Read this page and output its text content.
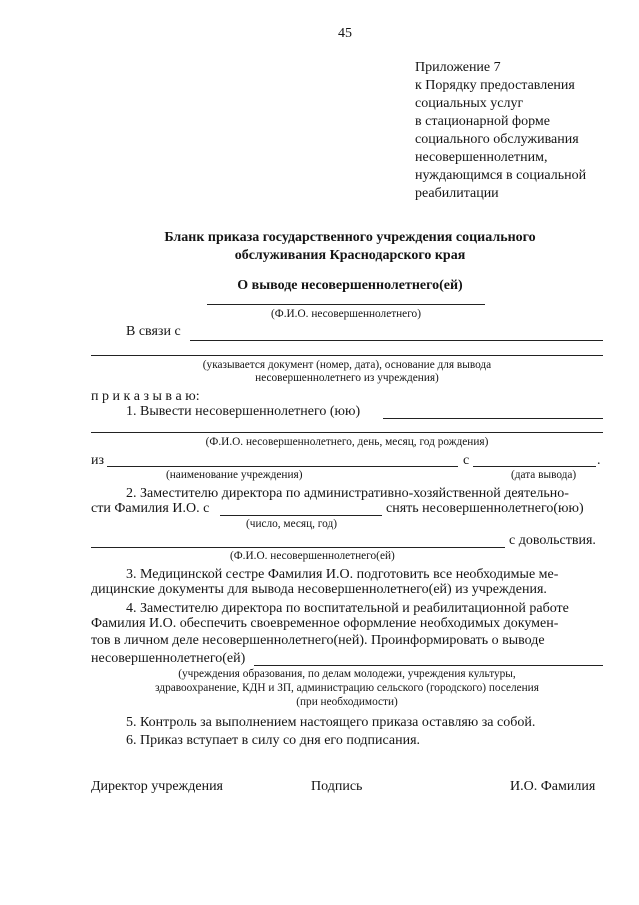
45
Приложение 7
к Порядку предоставления
социальных услуг
в стационарной форме
социального обслуживания
несовершеннолетним,
нуждающимся в социальной
реабилитации
Бланк приказа государственного учреждения социального
обслуживания Краснодарского края
О выводе несовершеннолетнего(ей)
(Ф.И.О. несовершеннолетнего)
В связи с
(указывается документ (номер, дата), основание для вывода
несовершеннолетнего из учреждения)
п р и к а з ы в а ю:
1. Вывести несовершеннолетнего (юю)
(Ф.И.О. несовершеннолетнего, день, месяц, год рождения)
из	с	.
(наименование учреждения)	(дата вывода)
2. Заместителю директора по административно-хозяйственной деятельно-
сти Фамилия И.О. с	снять несовершеннолетнего(юю)
(число, месяц, год)
с довольствия.
(Ф.И.О. несовершеннолетнего(ей)
3. Медицинской сестре Фамилия И.О. подготовить все необходимые ме-
дицинские документы для вывода несовершеннолетнего(ей) из учреждения.
4. Заместителю директора по воспитательной и реабилитационной работе
Фамилия И.О. обеспечить своевременное оформление необходимых докумен-
тов в личном деле несовершеннолетнего(ней). Проинформировать о выводе
несовершеннолетнего(ей)
(учреждения образования, по делам молодежи, учреждения культуры,
здравоохранение, КДН и ЗП, администрацию сельского (городского) поселения
(при необходимости)
5. Контроль за выполнением настоящего приказа оставляю за собой.
6. Приказ вступает в силу со дня его подписания.
Директор учреждения	Подпись	И.О. Фамилия
